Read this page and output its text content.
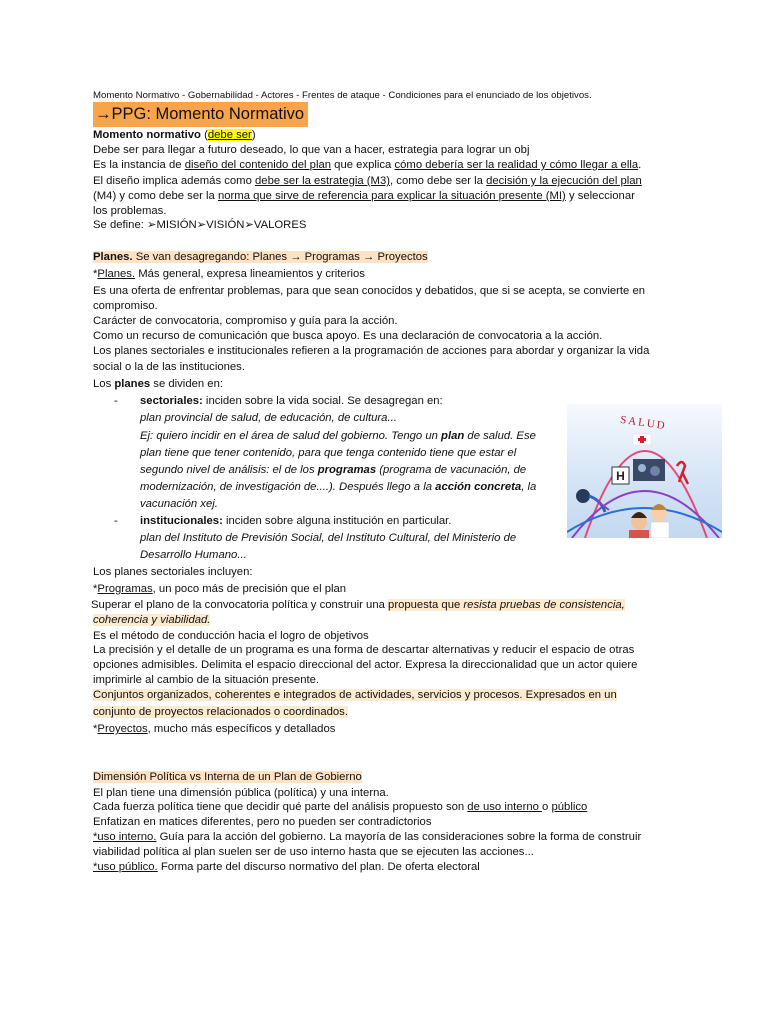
Momento Normativo - Gobernabilidad - Actores - Frentes de ataque - Condiciones para el enunciado de los objetivos.
→PPG: Momento Normativo
Momento normativo (debe ser)
Debe ser para llegar a futuro deseado, lo que van a hacer, estrategia para lograr un obj
Es la instancia de diseño del contenido del plan que explica cómo debería ser la realidad y cómo llegar a ella.
El diseño implica además como debe ser la estrategia (M3), como debe ser la decisión y la ejecución del plan
(M4) y como debe ser la norma que sirve de referencia para explicar la situación presente (MI) y seleccionar
los problemas.
Se define: ➢MISIÓN➢VISIÓN➢VALORES
Planes. Se van desagregando: Planes → Programas → Proyectos
*Planes. Más general, expresa lineamientos y criterios
Es una oferta de enfrentar problemas, para que sean conocidos y debatidos, que si se acepta, se convierte en
compromiso.
Carácter de convocatoria, compromiso y guía para la acción.
Como un recurso de comunicación que busca apoyo. Es una declaración de convocatoria a la acción.
Los planes sectoriales e institucionales refieren a la programación de acciones para abordar y organizar la vida
social o la de las instituciones.
Los planes se dividen en:
- sectoriales: inciden sobre la vida social. Se desagregan en:
plan provincial de salud, de educación, de cultura...
Ej: quiero incidir en el área de salud del gobierno. Tengo un plan de salud. Ese
plan tiene que tener contenido, para que tenga contenido tiene que estar el
segundo nivel de análisis: el de los programas (programa de vacunación, de
modernización, de investigación de....). Después llego a la acción concreta, la
vacunación xej.
- institucionales: inciden sobre alguna institución en particular.
plan del Instituto de Previsión Social, del Instituto Cultural, del Ministerio de
Desarrollo Humano...
Los planes sectoriales incluyen:
*Programas, un poco más de precisión que el plan
Superar el plano de la convocatoria política y construir una propuesta que resista pruebas de consistencia,
coherencia y viabilidad.
Es el método de conducción hacia el logro de objetivos
La precisión y el detalle de un programa es una forma de descartar alternativas y reducir el espacio de otras
opciones admisibles. Delimita el espacio direccional del actor. Expresa la direccionalidad que un actor quiere
imprimirle al cambio de la situación presente.
Conjuntos organizados, coherentes e integrados de actividades, servicios y procesos. Expresados en un
conjunto de proyectos relacionados o coordinados.
*Proyectos, mucho más específicos y detallados
Dimensión Política vs Interna de un Plan de Gobierno
El plan tiene una dimensión pública (política) y una interna.
Cada fuerza política tiene que decidir qué parte del análisis propuesto son de uso interno o público
Enfatizan en matices diferentes, pero no pueden ser contradictorios
*uso interno. Guía para la acción del gobierno. La mayoría de las consideraciones sobre la forma de construir
viabilidad política al plan suelen ser de uso interno hasta que se ejecuten las acciones...
*uso público. Forma parte del discurso normativo del plan. De oferta electoral
H
SALUD
